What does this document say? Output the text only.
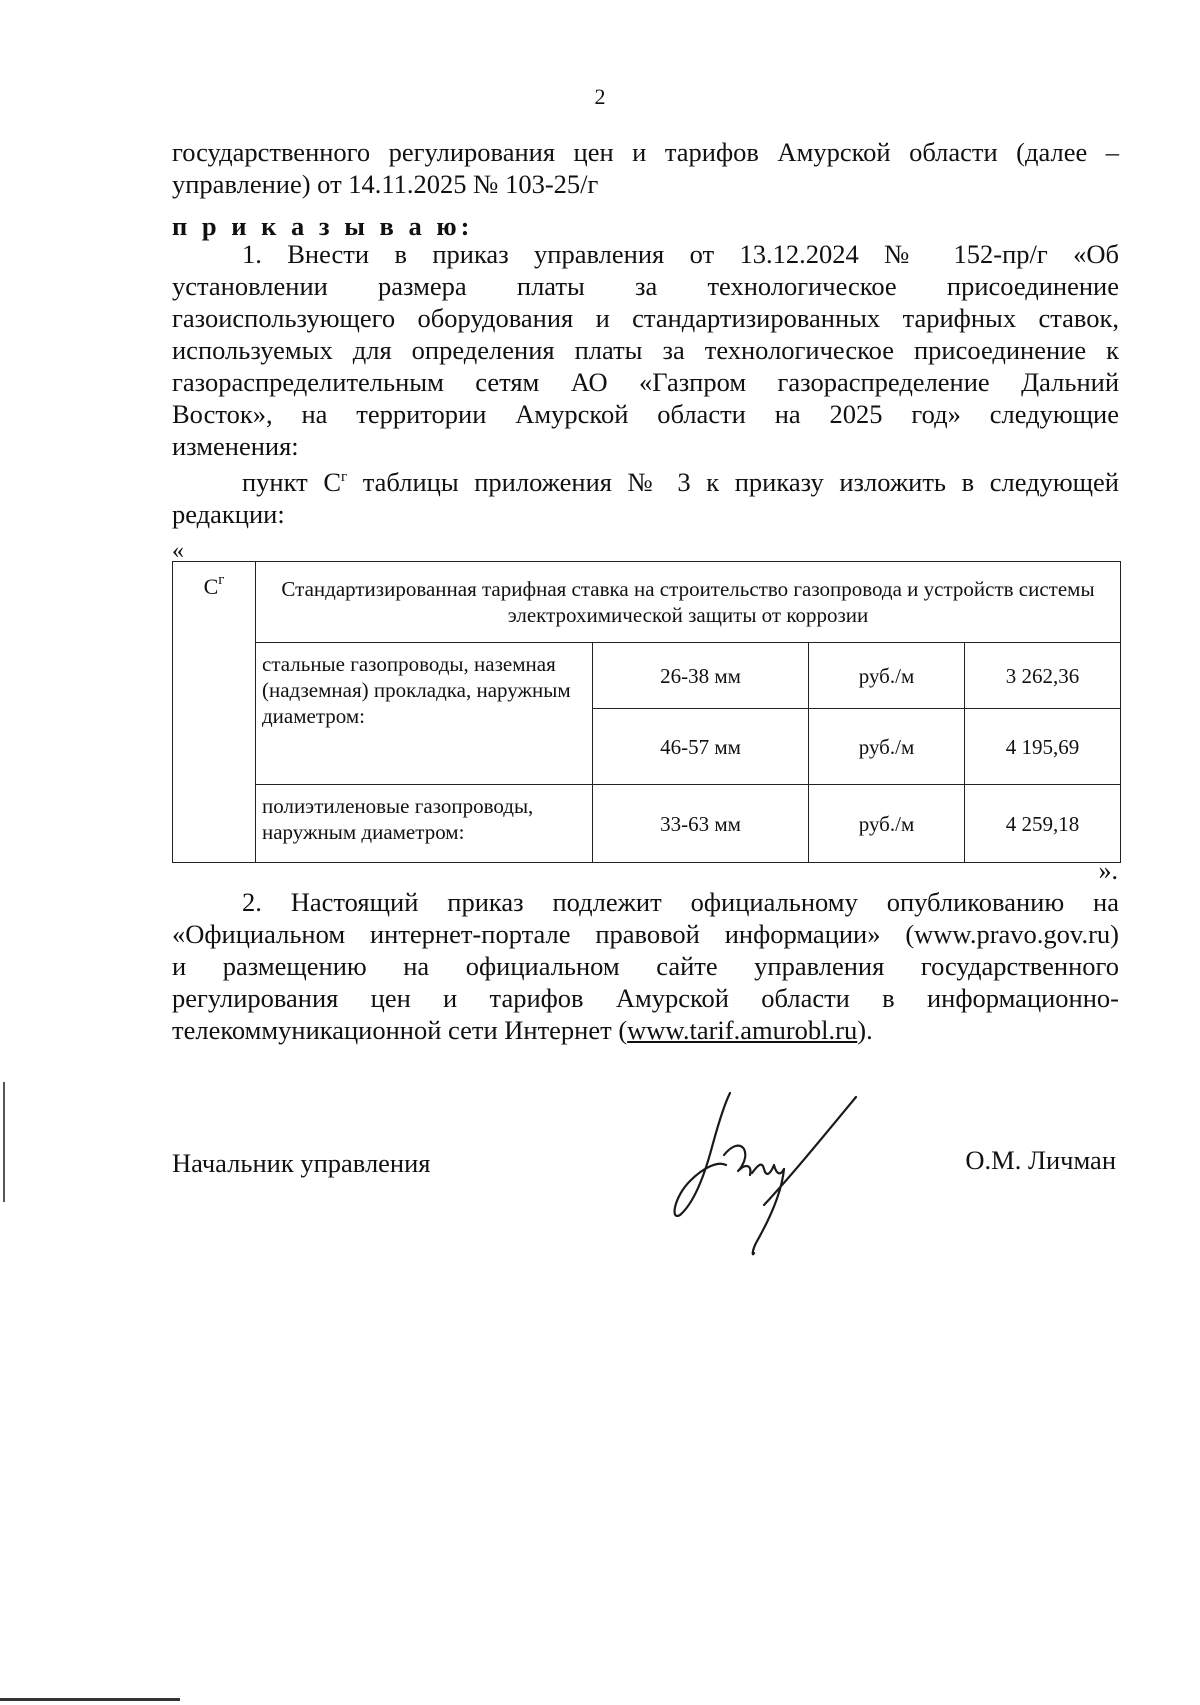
2
государственного регулирования цен и тарифов Амурской области (далее –
управление) от 14.11.2025 № 103-25/г
п р и к а з ы в а ю:
1. Внести в приказ управления от 13.12.2024 № 152-пр/г «Об
установлении размера платы за технологическое присоединение
газоиспользующего оборудования и стандартизированных тарифных ставок,
используемых для определения платы за технологическое присоединение к
газораспределительным сетям АО «Газпром газораспределение Дальний
Восток», на территории Амурской области на 2025 год» следующие
изменения:
пункт $С^г$ таблицы приложения № 3 к приказу изложить в следующей
редакции:
«
$С^г$	Стандартизированная тарифная ставка на строительство газопровода и устройств системы электрохимической защиты от коррозии			
	стальные газопроводы, наземная (надземная) прокладка, наружным диаметром:	26-38 мм	руб./м	3 262,36
		46-57 мм	руб./м	4 195,69
	полиэтиленовые газопроводы, наружным диаметром:	33-63 мм	руб./м	4 259,18
».
2. Настоящий приказ подлежит официальному опубликованию на
«Официальном интернет-портале правовой информации» (www.pravo.gov.ru)
и размещению на официальном сайте управления государственного
регулирования цен и тарифов Амурской области в информационно-
телекоммуникационной сети Интернет (www.tarif.amurobl.ru).
Начальник управления	О.М. Личман
